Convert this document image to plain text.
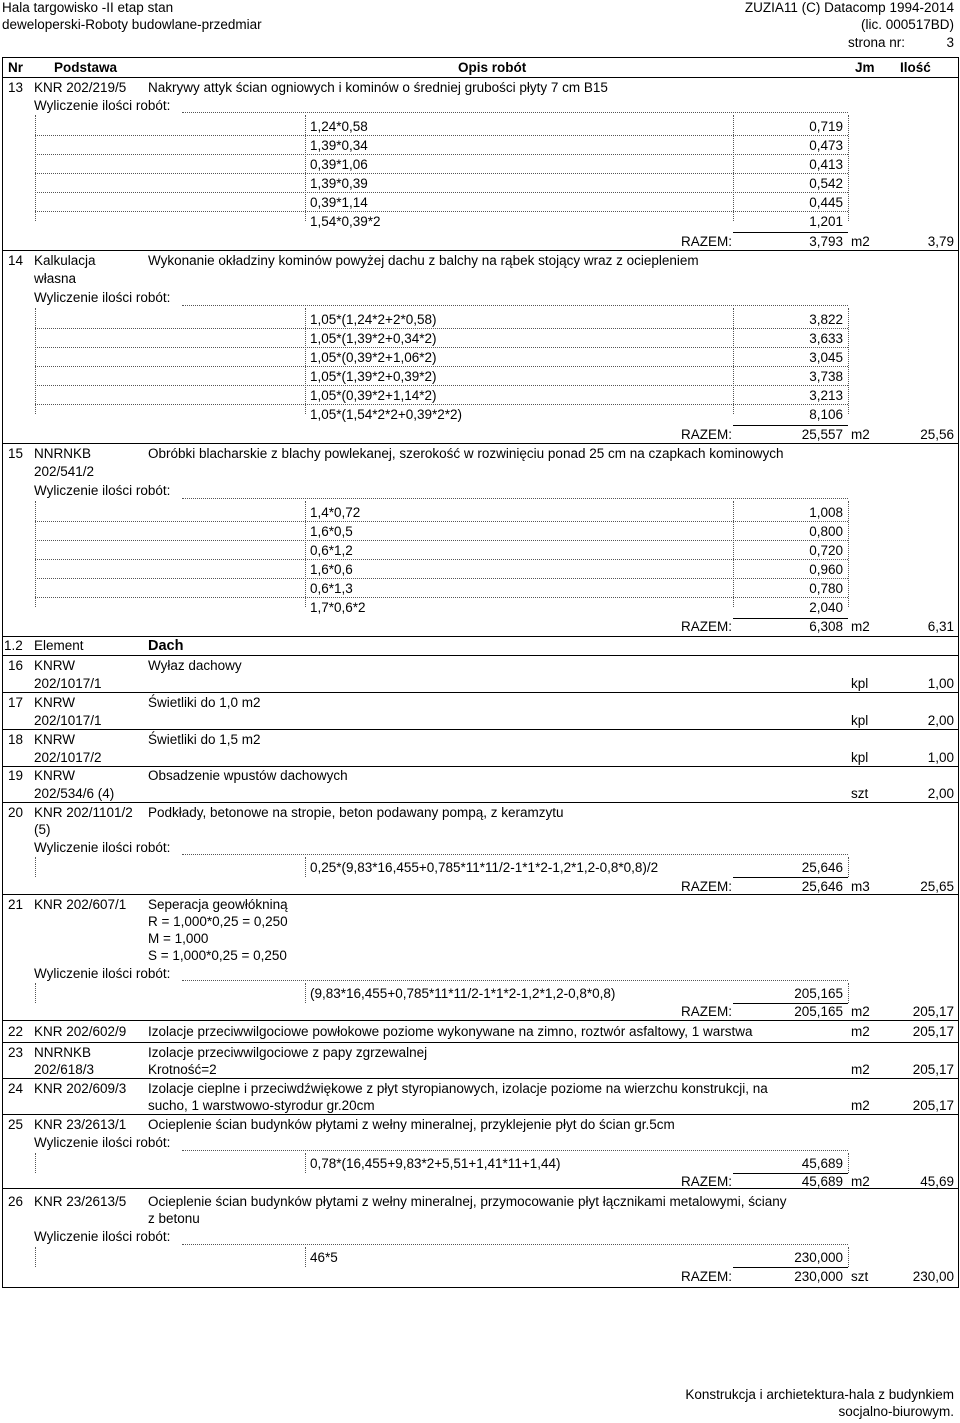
Hala targowisko -II etap stan
deweloperski-Roboty budowlane-przedmiar
ZUZIA11 (C) Datacomp 1994-2014
(lic. 000517BD)
strona nr:	3
Nr Podstawa	Opis robót	Jm Ilość
13 KNR 202/219/5 Nakrywy attyk ścian ogniowych i kominów o średniej grubości płyty 7 cm B15
Wyliczenie ilości robót:
1,24*0,58	0,719
1,39*0,34	0,473
0,39*1,06	0,413
1,39*0,39	0,542
0,39*1,14	0,445
1,54*0,39*2	1,201
RAZEM:	3,793 m2	3,79
14 Kalkulacja
własna
Wykonanie okładziny kominów powyżej dachu z balchy na rąbek stojący wraz z ociepleniem
Wyliczenie ilości robót:
1,05*(1,24*2+2*0,58)	3,822
1,05*(1,39*2+0,34*2)	3,633
1,05*(0,39*2+1,06*2)	3,045
1,05*(1,39*2+0,39*2)	3,738
1,05*(0,39*2+1,14*2)	3,213
1,05*(1,54*2*2+0,39*2*2)	8,106
RAZEM:	25,557 m2	25,56
15 NNRNKB
202/541/2
Obróbki blacharskie z blachy powlekanej, szerokość w rozwinięciu ponad 25 cm na czapkach kominowych
Wyliczenie ilości robót:
1,4*0,72	1,008
1,6*0,5	0,800
0,6*1,2	0,720
1,6*0,6	0,960
0,6*1,3	0,780
1,7*0,6*2	2,040
RAZEM:	6,308 m2	6,31
1.2 Element	Dach
16 KNRW
202/1017/1
Wyłaz dachowy
kpl	1,00
17 KNRW
202/1017/1
Świetliki do 1,0 m2
kpl	2,00
18 KNRW
202/1017/2
Świetliki do 1,5 m2
kpl	1,00
19 KNRW
202/534/6 (4)
Obsadzenie wpustów dachowych
szt	2,00
20 KNR 202/1101/2
(5)
Podkłady, betonowe na stropie, beton podawany pompą, z keramzytu
Wyliczenie ilości robót:
0,25*(9,83*16,455+0,785*11*11/2-1*1*2-1,2*1,2-0,8*0,8)/2	25,646
RAZEM:	25,646 m3	25,65
21 KNR 202/607/1 Seperacja geowłókniną
R = 1,000*0,25 = 0,250
M = 1,000
S = 1,000*0,25 = 0,250
Wyliczenie ilości robót:
(9,83*16,455+0,785*11*11/2-1*1*2-1,2*1,2-0,8*0,8)	205,165
RAZEM:	205,165 m2	205,17
22 KNR 202/602/9 Izolacje przeciwwilgociowe powłokowe poziome wykonywane na zimno, roztwór asfaltowy, 1 warstwa	m2	205,17
23 NNRNKB
202/618/3
Izolacje przeciwwilgociowe z papy zgrzewalnej
Krotność=2	m2	205,17
24 KNR 202/609/3 Izolacje cieplne i przeciwdźwiękowe z płyt styropianowych, izolacje poziome na wierzchu konstrukcji, na
sucho, 1 warstwowo-styrodur gr.20cm	m2	205,17
25 KNR 23/2613/1 Ocieplenie ścian budynków płytami z wełny mineralnej, przyklejenie płyt do ścian gr.5cm
Wyliczenie ilości robót:
0,78*(16,455+9,83*2+5,51+1,41*11+1,44)	45,689
RAZEM:	45,689 m2	45,69
26 KNR 23/2613/5 Ocieplenie ścian budynków płytami z wełny mineralnej, przymocowanie płyt łącznikami metalowymi, ściany
z betonu
Wyliczenie ilości robót:
46*5	230,000
RAZEM:	230,000 szt	230,00
Konstrukcja i archietektura-hala z budynkiem
socjalno-biurowym.
